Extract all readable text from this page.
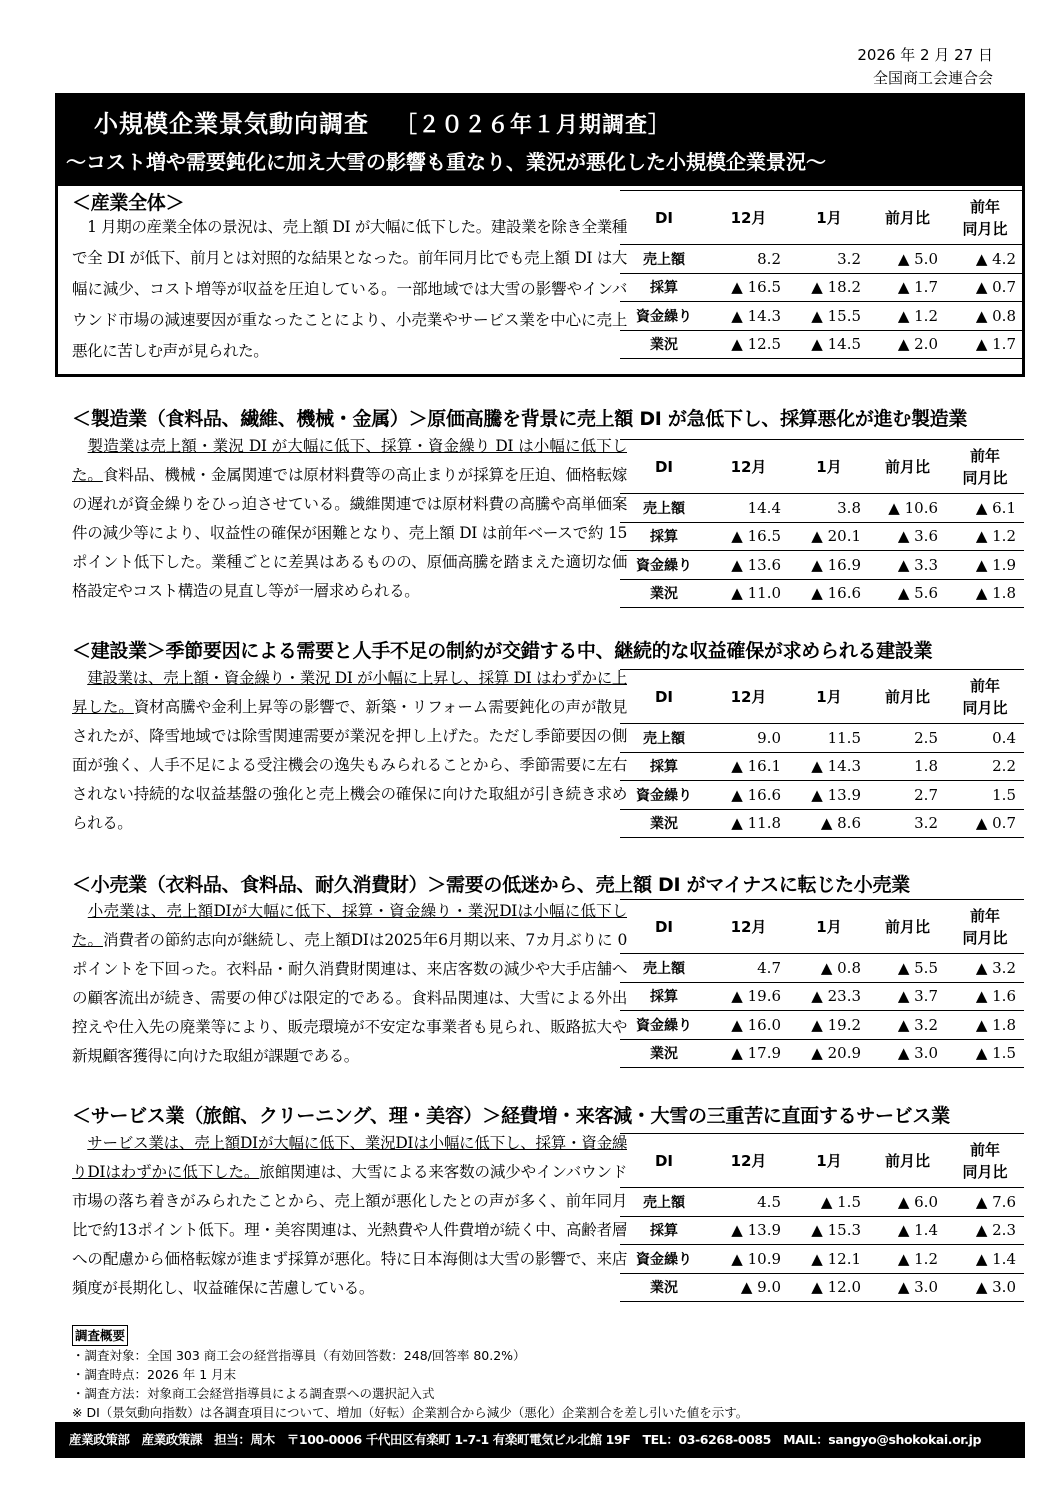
2026 年 2 月 27 日
全国商工会連合会
小規模企業景気動向調査 ［２０２６年１月期調査］
～コスト増や需要鈍化に加え大雪の影響も重なり、業況が悪化した小規模企業景況～
＜産業全体＞
　1 月期の産業全体の景況は、売上額 DI が大幅に低下した。建設業を除き全業種で全 DI が低下、前月とは対照的な結果となった。前年同月比でも売上額 DI は大幅に減少、コスト増等が収益を圧迫している。一部地域では大雪の影響やインバウンド市場の減速要因が重なったことにより、小売業やサービス業を中心に売上悪化に苦しむ声が見られた。
DI	12月	1月	前月比	前年
同月比

売上額	8.2	3.2	▲ 5.0	▲ 4.2
採算	▲ 16.5	▲ 18.2	▲ 1.7	▲ 0.7
資金繰り	▲ 14.3	▲ 15.5	▲ 1.2	▲ 0.8
業況	▲ 12.5	▲ 14.5	▲ 2.0	▲ 1.7
＜製造業（食料品、繊維、機械・金属）＞原価高騰を背景に売上額 DI が急低下し、採算悪化が進む製造業
　製造業は売上額・業況 DI が大幅に低下、採算・資金繰り DI は小幅に低下した。食料品、機械・金属関連では原材料費等の高止まりが採算を圧迫、価格転嫁の遅れが資金繰りをひっ迫させている。繊維関連では原材料費の高騰や高単価案件の減少等により、収益性の確保が困難となり、売上額 DI は前年ベースで約 15 ポイント低下した。業種ごとに差異はあるものの、原価高騰を踏まえた適切な価格設定やコスト構造の見直し等が一層求められる。
DI	12月	1月	前月比	前年
同月比

売上額	14.4	3.8	▲ 10.6	▲ 6.1
採算	▲ 16.5	▲ 20.1	▲ 3.6	▲ 1.2
資金繰り	▲ 13.6	▲ 16.9	▲ 3.3	▲ 1.9
業況	▲ 11.0	▲ 16.6	▲ 5.6	▲ 1.8
＜建設業＞季節要因による需要と人手不足の制約が交錯する中、継続的な収益確保が求められる建設業
　建設業は、売上額・資金繰り・業況 DI が小幅に上昇し、採算 DI はわずかに上昇した。資材高騰や金利上昇等の影響で、新築・リフォーム需要鈍化の声が散見されたが、降雪地域では除雪関連需要が業況を押し上げた。ただし季節要因の側面が強く、人手不足による受注機会の逸失もみられることから、季節需要に左右されない持続的な収益基盤の強化と売上機会の確保に向けた取組が引き続き求められる。
DI	12月	1月	前月比	前年
同月比

売上額	9.0	11.5	2.5	0.4
採算	▲ 16.1	▲ 14.3	1.8	2.2
資金繰り	▲ 16.6	▲ 13.9	2.7	1.5
業況	▲ 11.8	▲ 8.6	3.2	▲ 0.7
＜小売業（衣料品、食料品、耐久消費財）＞需要の低迷から、売上額 DI がマイナスに転じた小売業
　小売業は、売上額DIが大幅に低下、採算・資金繰り・業況DIは小幅に低下した。消費者の節約志向が継続し、売上額DIは2025年6月期以来、7カ月ぶりに 0 ポイントを下回った。衣料品・耐久消費財関連は、来店客数の減少や大手店舗への顧客流出が続き、需要の伸びは限定的である。食料品関連は、大雪による外出控えや仕入先の廃業等により、販売環境が不安定な事業者も見られ、販路拡大や新規顧客獲得に向けた取組が課題である。
DI	12月	1月	前月比	前年
同月比

売上額	4.7	▲ 0.8	▲ 5.5	▲ 3.2
採算	▲ 19.6	▲ 23.3	▲ 3.7	▲ 1.6
資金繰り	▲ 16.0	▲ 19.2	▲ 3.2	▲ 1.8
業況	▲ 17.9	▲ 20.9	▲ 3.0	▲ 1.5
＜サービス業（旅館、クリーニング、理・美容）＞経費増・来客減・大雪の三重苦に直面するサービス業
　サービス業は、売上額DIが大幅に低下、業況DIは小幅に低下し、採算・資金繰りDIはわずかに低下した。旅館関連は、大雪による来客数の減少やインバウンド市場の落ち着きがみられたことから、売上額が悪化したとの声が多く、前年同月比で約13ポイント低下。理・美容関連は、光熱費や人件費増が続く中、高齢者層への配慮から価格転嫁が進まず採算が悪化。特に日本海側は大雪の影響で、来店頻度が長期化し、収益確保に苦慮している。
DI	12月	1月	前月比	前年
同月比

売上額	4.5	▲ 1.5	▲ 6.0	▲ 7.6
採算	▲ 13.9	▲ 15.3	▲ 1.4	▲ 2.3
資金繰り	▲ 10.9	▲ 12.1	▲ 1.2	▲ 1.4
業況	▲ 9.0	▲ 12.0	▲ 3.0	▲ 3.0
調査概要
・調査対象：全国 303 商工会の経営指導員（有効回答数：248/回答率 80.2%）
・調査時点：2026 年 1 月末
・調査方法：対象商工会経営指導員による調査票への選択記入式
※ DI（景気動向指数）は各調査項目について、増加（好転）企業割合から減少（悪化）企業割合を差し引いた値を示す。
産業政策部　産業政策課　担当：周木　〒100-0006 千代田区有楽町 1-7-1 有楽町電気ビル北館 19F　TEL：03-6268-0085　MAIL：sangyo@shokokai.or.jp
